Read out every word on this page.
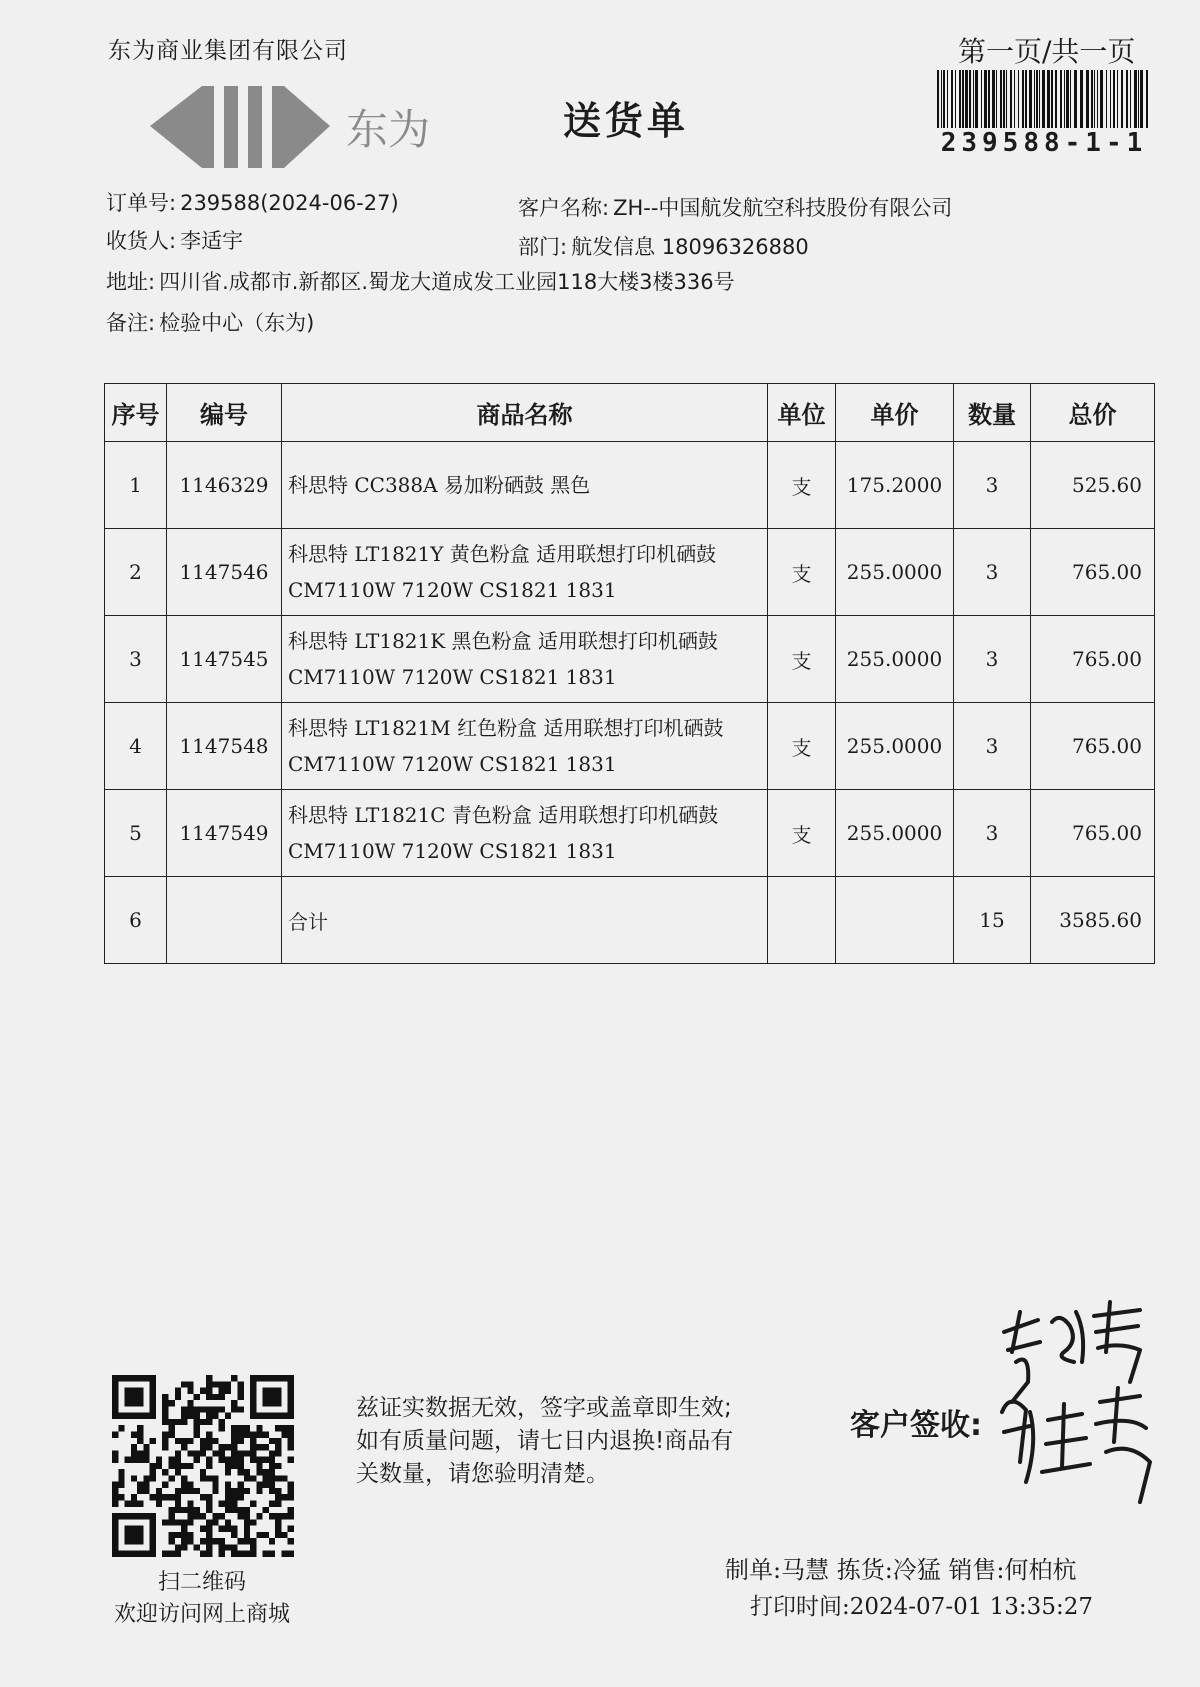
东为商业集团有限公司	第一页/共一页
东为	送货单	239588-1-1
订单号: 239588(2024-06-27)
收货人: 李适宇
地址: 四川省.成都市.新都区.蜀龙大道成发工业园118大楼3楼336号
备注: 检验中心（东为)
客户名称: ZH--中国航发航空科技股份有限公司
部门: 航发信息 18096326880
序号	编号	商品名称	单位	单价	数量	总价
1	1146329	科思特 CC388A 易加粉硒鼓 黑色	支	175.2000	3	525.60
2	1147546	科思特 LT1821Y 黄色粉盒 适用联想打印机硒鼓
CM7110W 7120W CS1821 1831	支	255.0000	3	765.00
3	1147545	科思特 LT1821K 黑色粉盒 适用联想打印机硒鼓
CM7110W 7120W CS1821 1831	支	255.0000	3	765.00
4	1147548	科思特 LT1821M 红色粉盒 适用联想打印机硒鼓
CM7110W 7120W CS1821 1831	支	255.0000	3	765.00
5	1147549	科思特 LT1821C 青色粉盒 适用联想打印机硒鼓
CM7110W 7120W CS1821 1831	支	255.0000	3	765.00
6		合计			15	3585.60
扫二维码
欢迎访问网上商城
兹证实数据无效，签字或盖章即生效;
如有质量问题，请七日内退换!商品有
关数量，请您验明清楚。
客户签收:
制单:马慧 拣货:冷猛 销售:何柏杭
打印时间:2024-07-01 13:35:27
